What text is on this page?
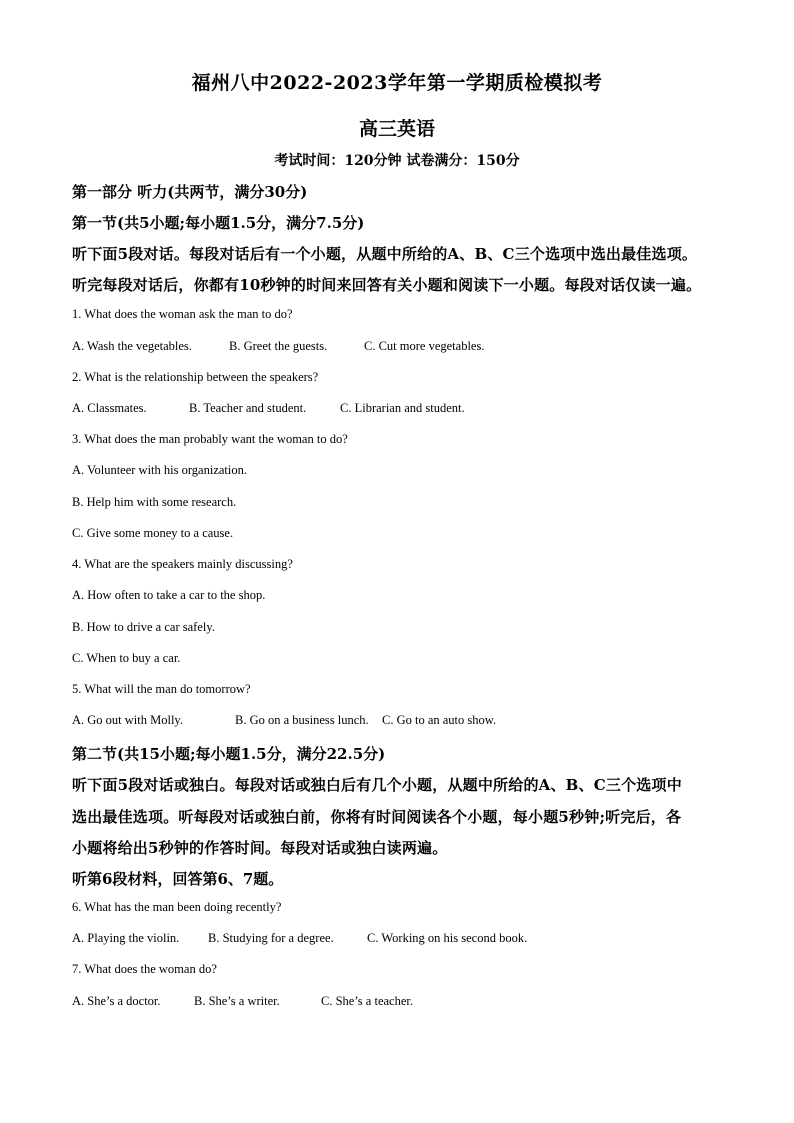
福州八中2022-2023学年第一学期质检模拟考
高三英语
考试时间：120分钟 试卷满分：150分
第一部分 听力(共两节，满分30分)
第一节(共5小题;每小题1.5分，满分7.5分)
听下面5段对话。每段对话后有一个小题，从题中所给的A、B、C三个选项中选出最佳选项。
听完每段对话后，你都有10秒钟的时间来回答有关小题和阅读下一小题。每段对话仅读一遍。
1. What does the woman ask the man to do?
A. Wash the vegetables.	B. Greet the guests.	C. Cut more vegetables.
2. What is the relationship between the speakers?
A. Classmates.	B. Teacher and student.	C. Librarian and student.
3. What does the man probably want the woman to do?
A. Volunteer with his organization.
B. Help him with some research.
C. Give some money to a cause.
4. What are the speakers mainly discussing?
A. How often to take a car to the shop.
B. How to drive a car safely.
C. When to buy a car.
5. What will the man do tomorrow?
A. Go out with Molly.	B. Go on a business lunch. C. Go to an auto show.
第二节(共15小题;每小题1.5分，满分22.5分)
听下面5段对话或独白。每段对话或独白后有几个小题，从题中所给的A、B、C三个选项中
选出最佳选项。听每段对话或独白前，你将有时间阅读各个小题，每小题5秒钟;听完后，各
小题将给出5秒钟的作答时间。每段对话或独白读两遍。
听第6段材料，回答第6、7题。
6. What has the man been doing recently?
A. Playing the violin. B. Studying for a degree.	C. Working on his second book.
7. What does the woman do?
A. She’s a doctor.	B. She’s a writer.	C. She’s a teacher.
